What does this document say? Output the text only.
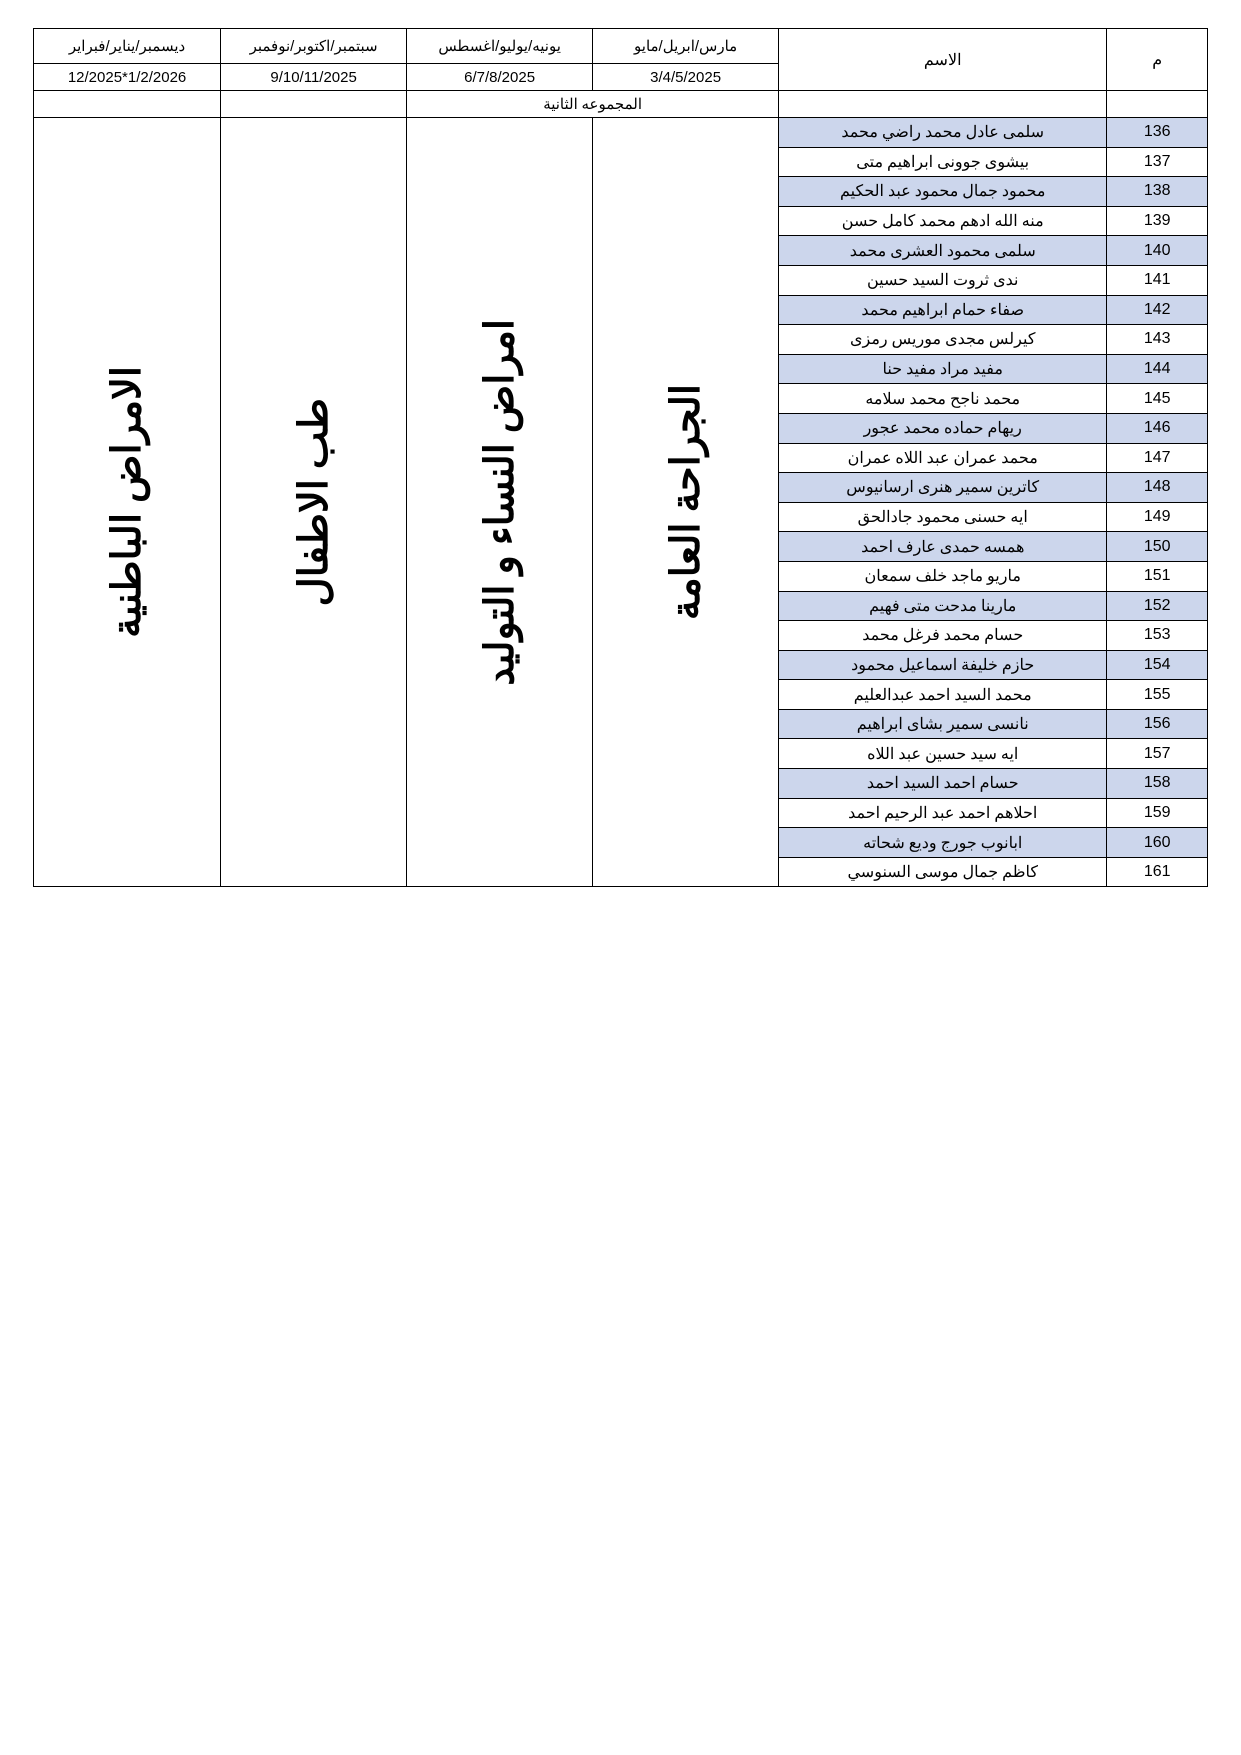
م	الاسم	مارس/ابريل/مايو	يونيه/يوليو/اغسطس	سبتمبر/اكتوبر/نوفمبر	ديسمبر/يناير/فبراير
		3/4/5/2025	6/7/8/2025	9/10/11/2025	12/2025*1/2/2026
		المجموعه الثانية			
136	سلمى عادل محمد راضي محمد	الجراحة العامة	امراض النساء و التوليد	طب الاطفال	الامراض الباطنية

137	بيشوى جوونى ابراهيم متى				
138	محمود جمال محمود عبد الحكيم				
139	منه الله ادهم محمد كامل حسن				
140	سلمى محمود العشرى محمد				
141	ندى ثروت السيد حسين				
142	صفاء حمام ابراهيم محمد				
143	كيرلس مجدى موريس رمزى				
144	مفيد مراد مفيد حنا				
145	محمد ناجح محمد سلامه				
146	ريهام حماده محمد عجور				
147	محمد عمران عبد اللاه عمران				
148	كاترين سمير هنرى ارسانيوس				
149	ايه حسنى محمود جادالحق				
150	همسه حمدى عارف احمد				
151	ماريو ماجد خلف سمعان				
152	مارينا مدحت متى فهيم				
153	حسام محمد فرغل محمد				
154	حازم خليفة اسماعيل محمود				
155	محمد السيد احمد عبدالعليم				
156	نانسى سمير بشاى ابراهيم				
157	ايه سيد حسين عبد اللاه				
158	حسام احمد السيد احمد				
159	احلاهم احمد عبد الرحيم احمد				
160	ابانوب جورج وديع شحاته				
161	كاظم جمال موسى السنوسي				
